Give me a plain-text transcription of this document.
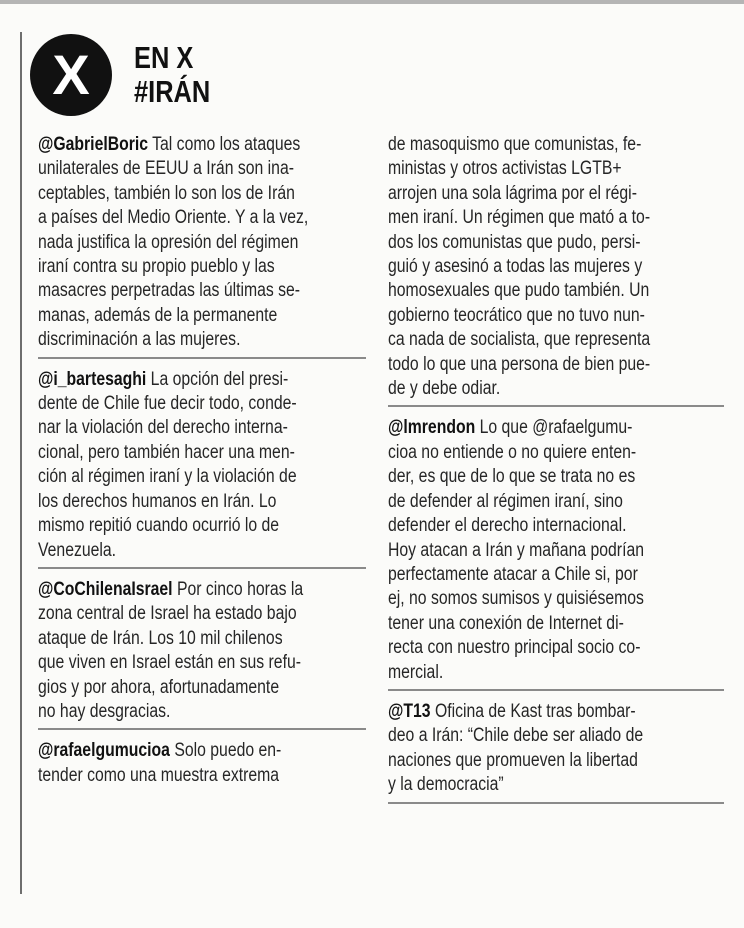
X	EN X
#IRÁN

@GabrielBoric Tal como los ataques
unilaterales de EEUU a Irán son ina-
ceptables, también lo son los de Irán
a países del Medio Oriente. Y a la vez,
nada justifica la opresión del régimen
iraní contra su propio pueblo y las
masacres perpetradas las últimas se-
manas, además de la permanente
discriminación a las mujeres.

@i_bartesaghi La opción del presi-
dente de Chile fue decir todo, conde-
nar la violación del derecho interna-
cional, pero también hacer una men-
ción al régimen iraní y la violación de
los derechos humanos en Irán. Lo
mismo repitió cuando ocurrió lo de
Venezuela.

@CoChilenaIsrael Por cinco horas la
zona central de Israel ha estado bajo
ataque de Irán. Los 10 mil chilenos
que viven en Israel están en sus refu-
gios y por ahora, afortunadamente
no hay desgracias.

@rafaelgumucioa Solo puedo en-
tender como una muestra extrema

de masoquismo que comunistas, fe-
ministas y otros activistas LGTB+
arrojen una sola lágrima por el régi-
men iraní. Un régimen que mató a to-
dos los comunistas que pudo, persi-
guió y asesinó a todas las mujeres y
homosexuales que pudo también. Un
gobierno teocrático que no tuvo nun-
ca nada de socialista, que representa
todo lo que una persona de bien pue-
de y debe odiar.

@lmrendon Lo que @rafaelgumu-
cioa no entiende o no quiere enten-
der, es que de lo que se trata no es
de defender al régimen iraní, sino
defender el derecho internacional.
Hoy atacan a Irán y mañana podrían
perfectamente atacar a Chile si, por
ej, no somos sumisos y quisiésemos
tener una conexión de Internet di-
recta con nuestro principal socio co-
mercial.

@T13 Oficina de Kast tras bombar-
deo a Irán: “Chile debe ser aliado de
naciones que promueven la libertad
y la democracia”
